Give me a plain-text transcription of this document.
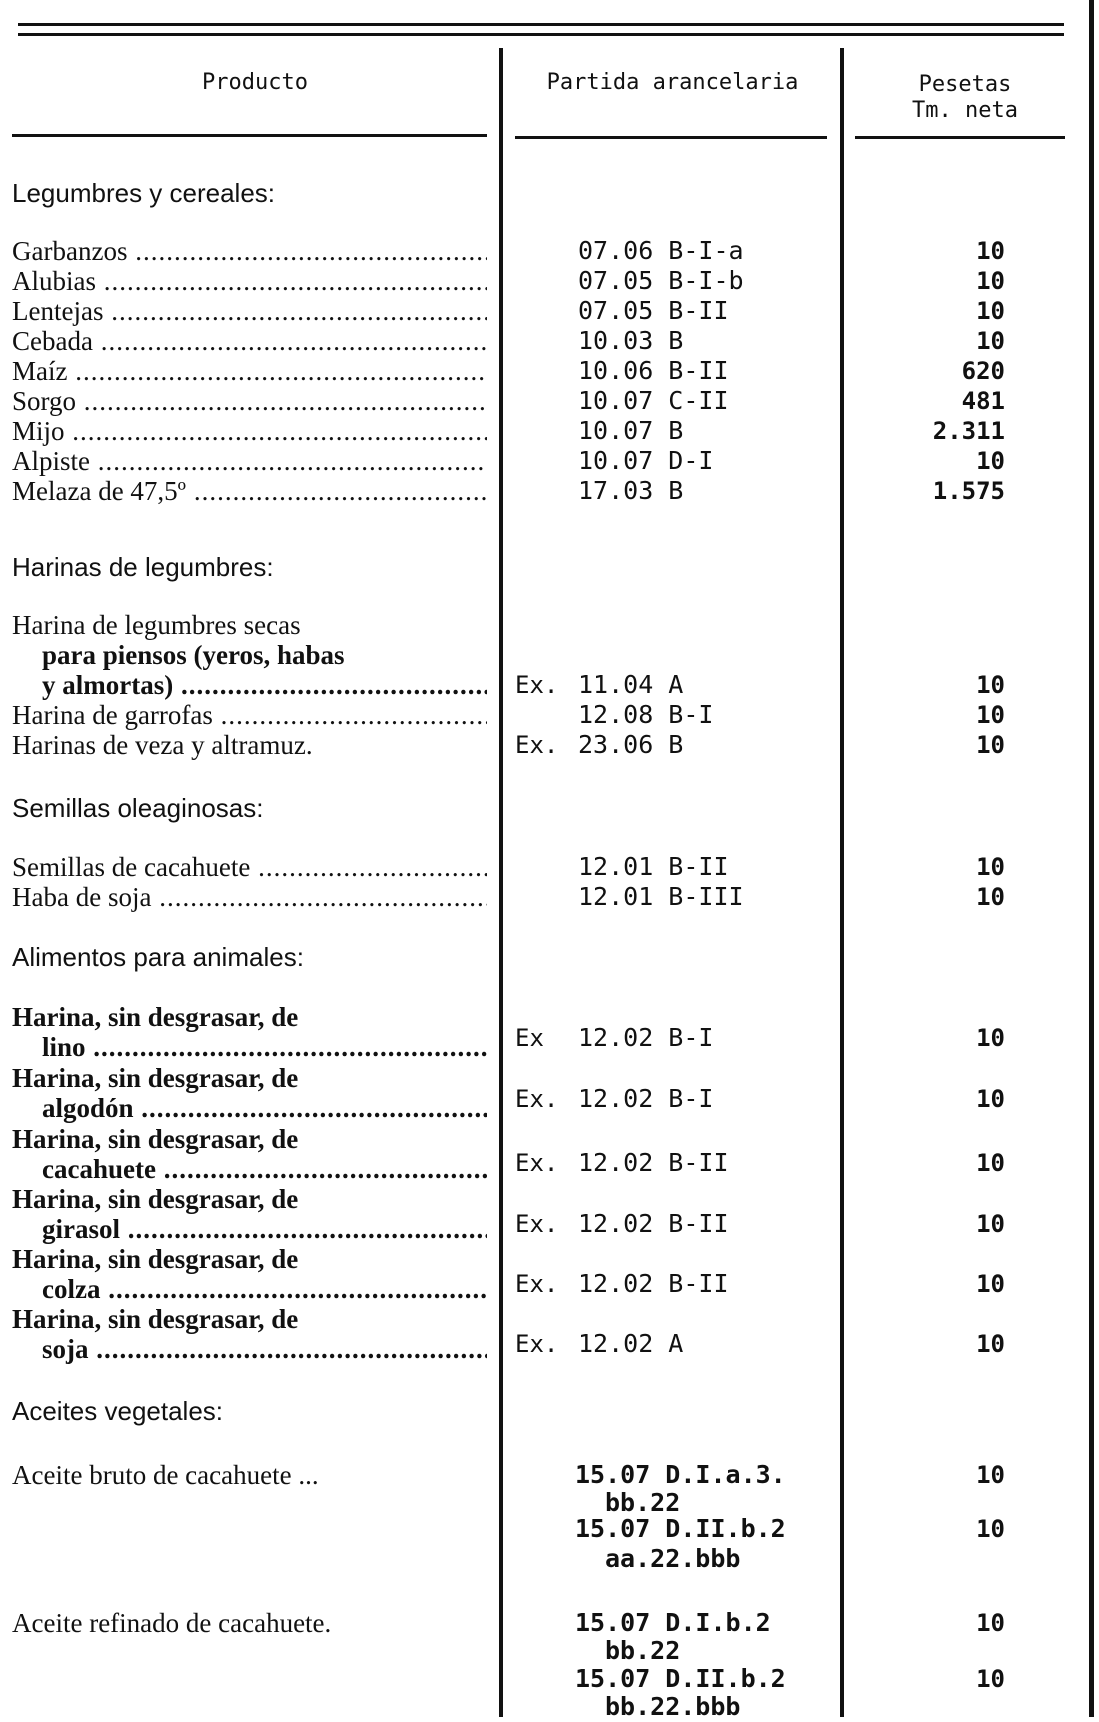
Producto	Partida arancelaria	Pesetas
Tm. neta
Legumbres y cereales:
Garbanzos .....	07.06 B-I-a	10
Alubias .....	07.05 B-I-b	10
Lentejas .....	07.05 B-II	10
Cebada .....	10.03 B	10
Maíz .....	10.06 B-II	620
Sorgo .....	10.07 C-II	481
Mijo .....	10.07 B	2.311
Alpiste .....	10.07 D-I	10
Melaza de 47,5º .....	17.03 B	1.575
Harinas de legumbres:
Harina de legumbres secas
para piensos (yeros, habas
y almortas) .....	Ex. 11.04 A	10
Harina de garrofas .....	12.08 B-I	10
Harinas de veza y altramuz.	Ex. 23.06 B	10
Semillas oleaginosas:
Semillas de cacahuete .....	12.01 B-II	10
Haba de soja .....	12.01 B-III	10
Alimentos para animales:
Harina, sin desgrasar, de
lino .....	Ex 12.02 B-I	10
Harina, sin desgrasar, de
algodón .....	Ex. 12.02 B-I	10
Harina, sin desgrasar, de
cacahuete .....	Ex. 12.02 B-II	10
Harina, sin desgrasar, de
girasol .....	Ex. 12.02 B-II	10
Harina, sin desgrasar, de
colza .....	Ex. 12.02 B-II	10
Harina, sin desgrasar, de
soja .....	Ex. 12.02 A	10
Aceites vegetales:
Aceite bruto de cacahuete ...	15.07 D.I.a.3.	10
bb.22
15.07 D.II.b.2	10
aa.22.bbb
Aceite refinado de cacahuete.	15.07 D.I.b.2	10
bb.22
15.07 D.II.b.2	10
bb.22.bbb
